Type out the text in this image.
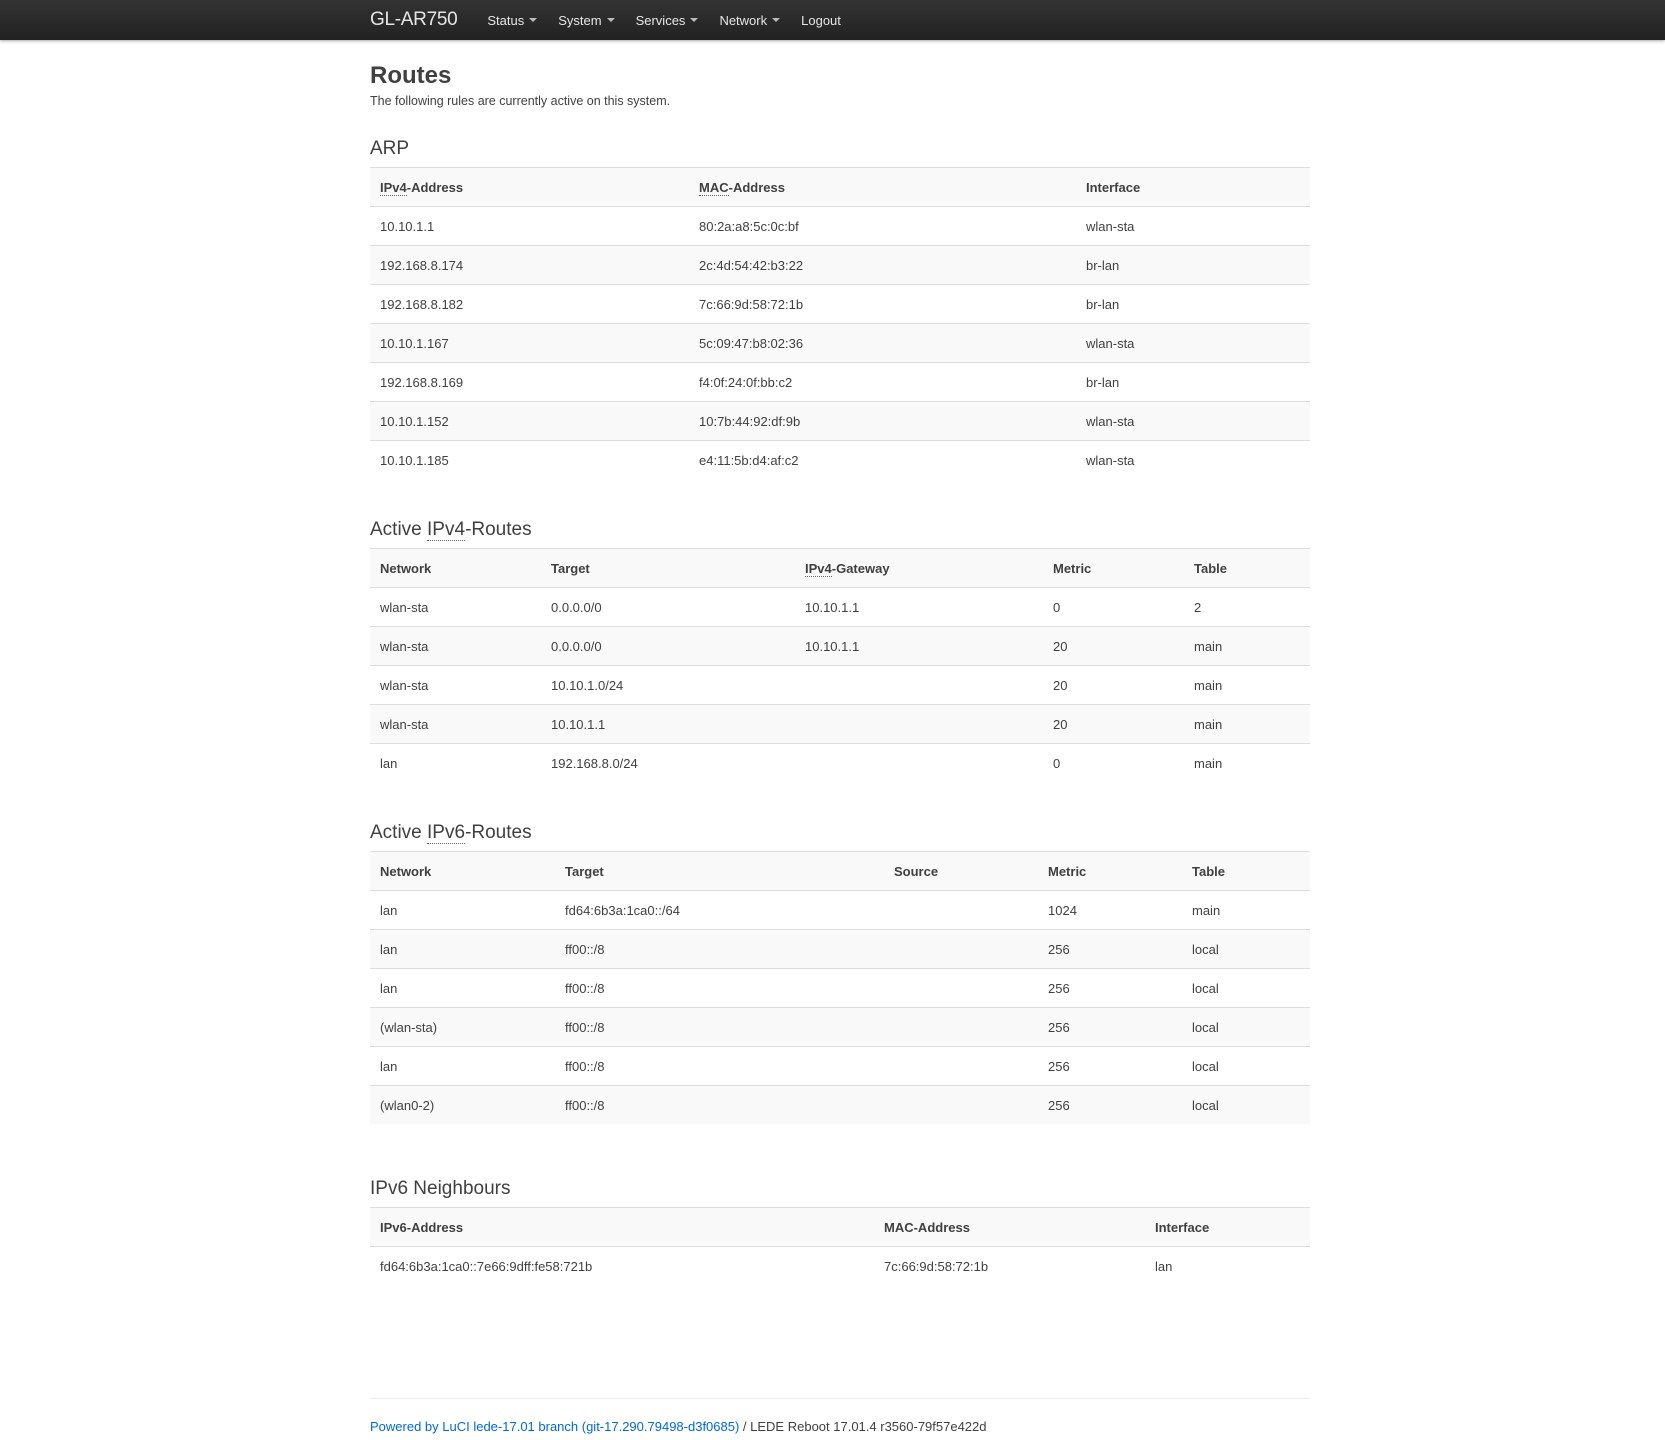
GL-AR750 Status	System	Services	Network	Logout
Routes
The following rules are currently active on this system.
ARP
IPv4-Address	MAC-Address	Interface
10.10.1.1	80:2a:a8:5c:0c:bf	wlan-sta
192.168.8.174	2c:4d:54:42:b3:22	br-lan
192.168.8.182	7c:66:9d:58:72:1b	br-lan
10.10.1.167	5c:09:47:b8:02:36	wlan-sta
192.168.8.169	f4:0f:24:0f:bb:c2	br-lan
10.10.1.152	10:7b:44:92:df:9b	wlan-sta
10.10.1.185	e4:11:5b:d4:af:c2	wlan-sta
Active IPv4-Routes
Network	Target	IPv4-Gateway	Metric	Table
wlan-sta	0.0.0.0/0	10.10.1.1	0	2
wlan-sta	0.0.0.0/0	10.10.1.1	20	main
wlan-sta	10.10.1.0/24		20	main
wlan-sta	10.10.1.1		20	main
lan	192.168.8.0/24		0	main
Active IPv6-Routes
Network	Target	Source	Metric	Table
lan	fd64:6b3a:1ca0::/64		1024	main
lan	ff00::/8		256	local
lan	ff00::/8		256	local
(wlan-sta)	ff00::/8		256	local
lan	ff00::/8		256	local
(wlan0-2)	ff00::/8		256	local
IPv6 Neighbours
IPv6-Address	MAC-Address	Interface
fd64:6b3a:1ca0::7e66:9dff:fe58:721b	7c:66:9d:58:72:1b	lan
Powered by LuCI lede-17.01 branch (git-17.290.79498-d3f0685) / LEDE Reboot 17.01.4 r3560-79f57e422d
